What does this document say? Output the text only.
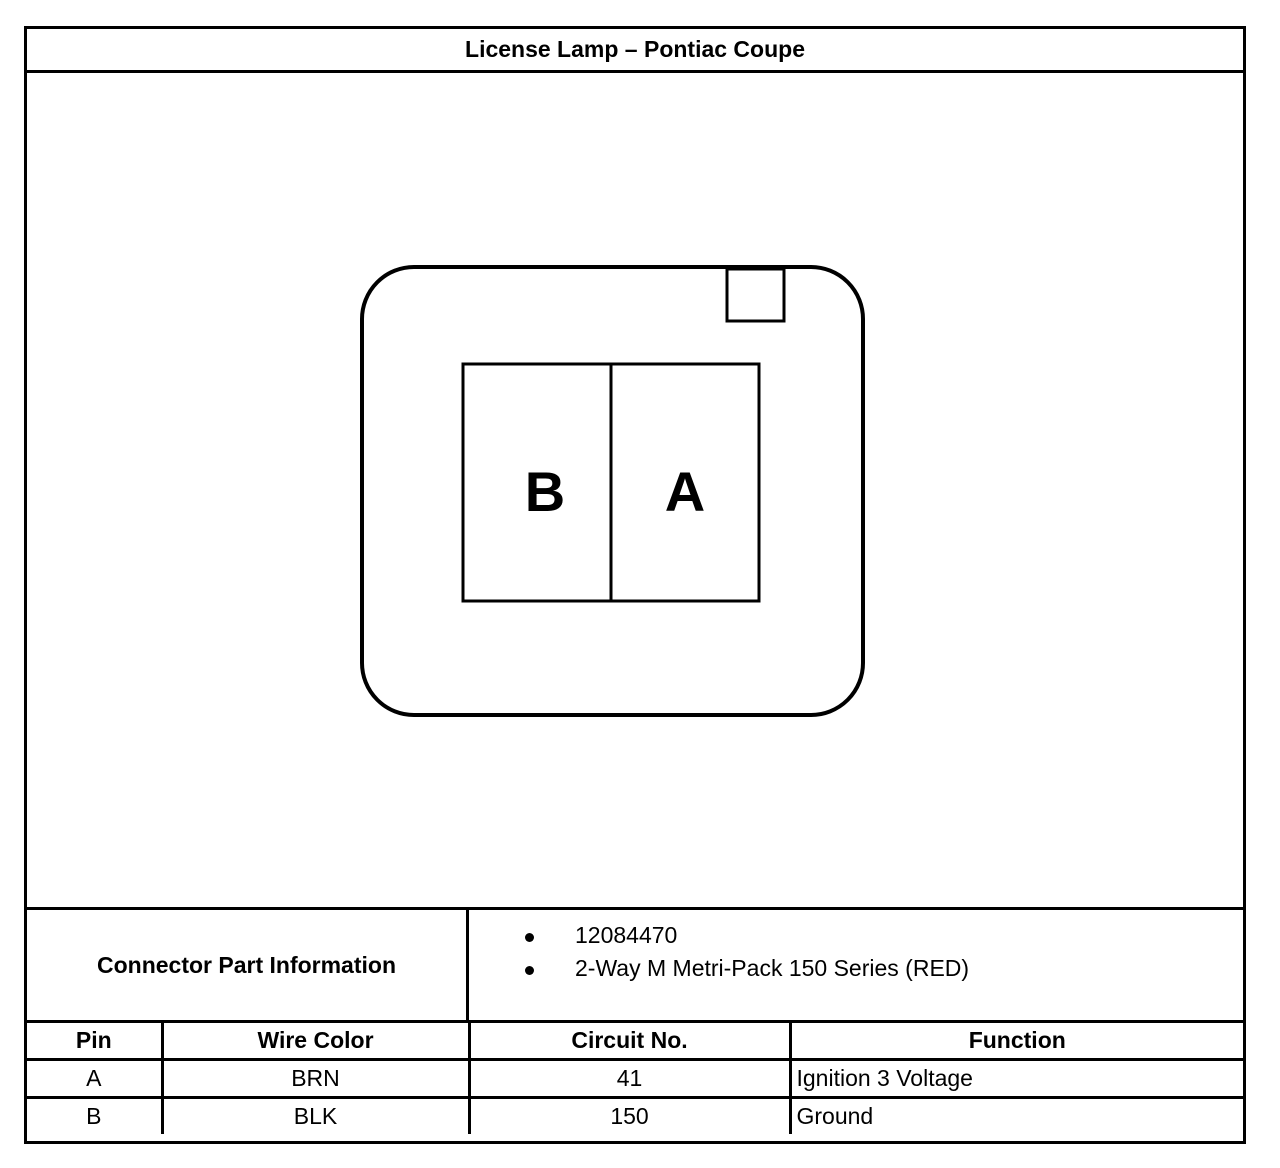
License Lamp – Pontiac Coupe
B A
Connector Part Information
12084470
2-Way M Metri-Pack 150 Series (RED)
Pin	Wire Color	Circuit No.	Function
A	BRN	41	Ignition 3 Voltage
B	BLK	150	Ground
